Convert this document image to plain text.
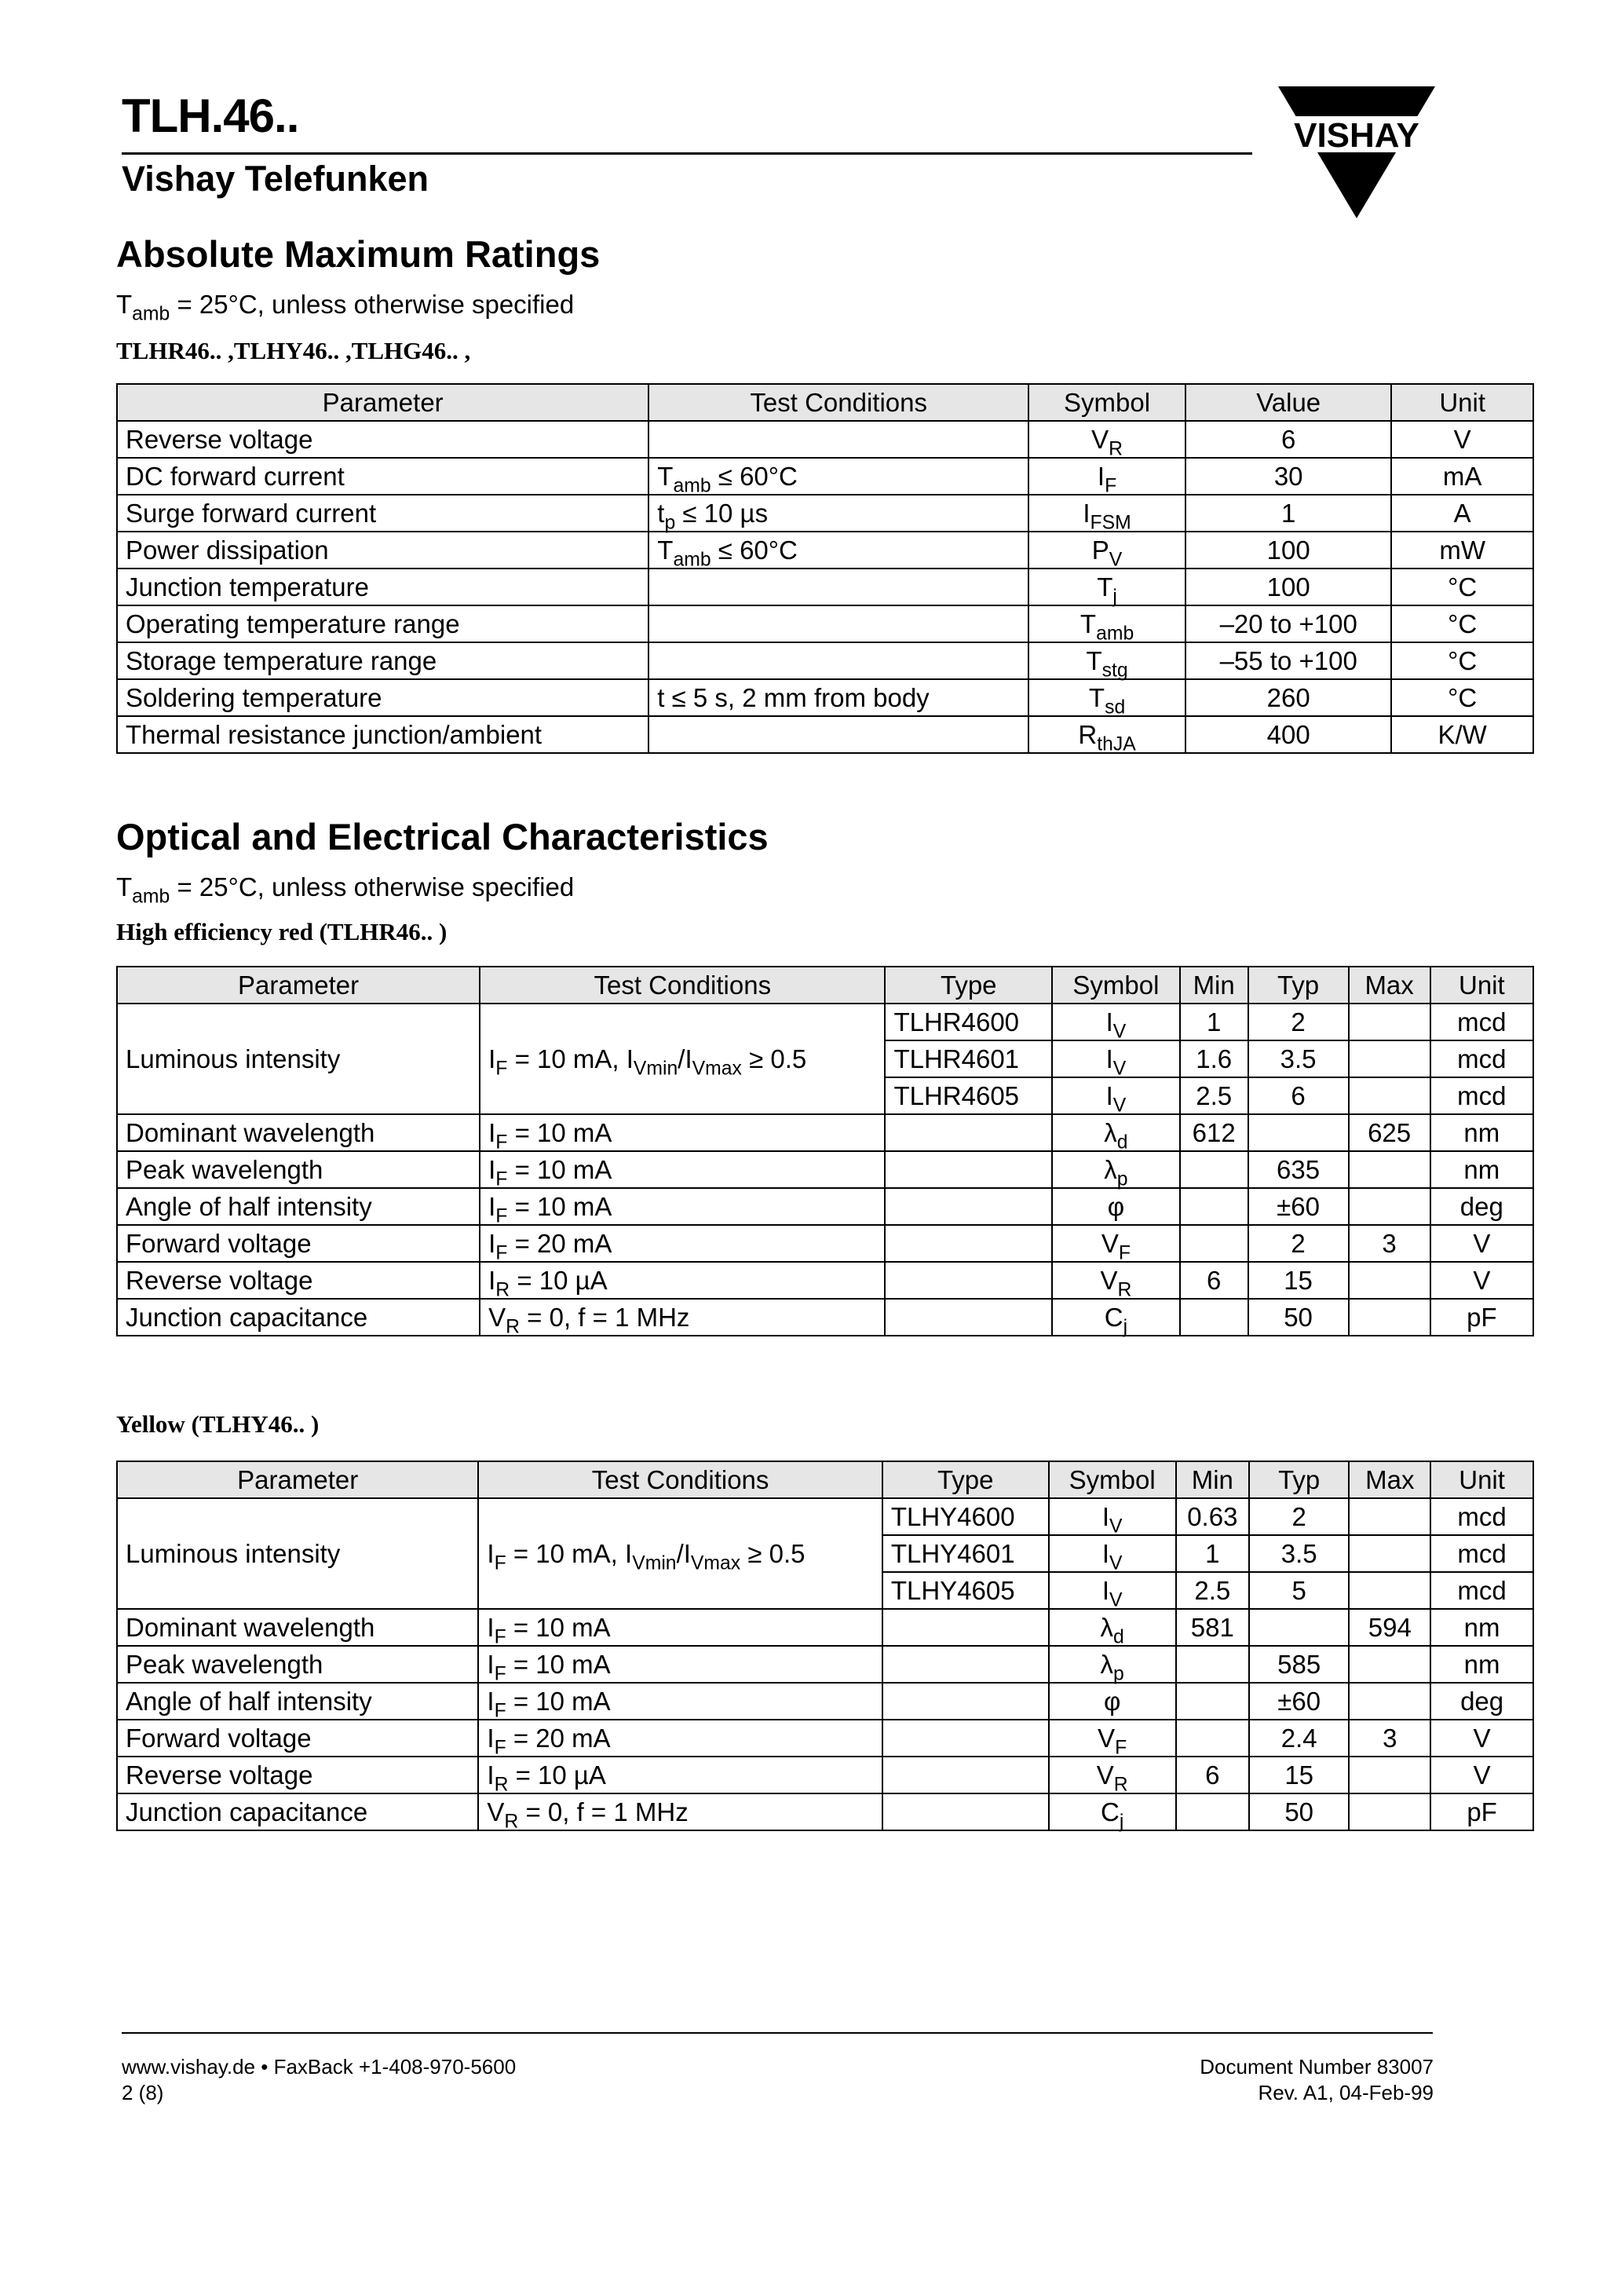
TLH.46..
Vishay Telefunken
VISHAY
Absolute Maximum Ratings
$T_{amb} = 25^\circ C$, unless otherwise specified
TLHR46.. ,TLHY46.. ,TLHG46.. ,
Parameter	Test Conditions	Symbol	Value	Unit
Reverse voltage		$V_R$	6	V
DC forward current	$T_{amb} \le 60^\circ C$	$I_F$	30	mA
Surge forward current	$t_p \le 10$ µs	$I_{FSM}$	1	A
Power dissipation	$T_{amb} \le 60^\circ C$	$P_V$	100	mW
Junction temperature		$T_j$	100	°C
Operating temperature range		$T_{amb}$	–20 to +100	°C
Storage temperature range		$T_{stg}$	–55 to +100	°C
Soldering temperature	t ≤ 5 s, 2 mm from body	$T_{sd}$	260	°C
Thermal resistance junction/ambient		$R_{thJA}$	400	K/W
Optical and Electrical Characteristics
$T_{amb} = 25^\circ C$, unless otherwise specified
High efficiency red (TLHR46.. )
Parameter	Test Conditions	Type	Symbol	Min	Typ	Max	Unit
Luminous intensity	$I_F = 10$ mA, $I_{Vmin}/I_{Vmax} \ge 0.5$	TLHR4600	$I_V$	1	2		mcd
		TLHR4601	$I_V$	1.6	3.5		mcd
		TLHR4605	$I_V$	2.5	6		mcd
Dominant wavelength	$I_F = 10$ mA		$\lambda_d$	612		625	nm
Peak wavelength	$I_F = 10$ mA		$\lambda_p$		635		nm
Angle of half intensity	$I_F = 10$ mA		φ		±60		deg
Forward voltage	$I_F = 20$ mA		$V_F$		2	3	V
Reverse voltage	$I_R = 10$ µA		$V_R$	6	15		V
Junction capacitance	$V_R = 0$, f = 1 MHz		$C_j$		50		pF
Yellow (TLHY46.. )
Parameter	Test Conditions	Type	Symbol	Min	Typ	Max	Unit
Luminous intensity	$I_F = 10$ mA, $I_{Vmin}/I_{Vmax} \ge 0.5$	TLHY4600	$I_V$	0.63	2		mcd
		TLHY4601	$I_V$	1	3.5		mcd
		TLHY4605	$I_V$	2.5	5		mcd
Dominant wavelength	$I_F = 10$ mA		$\lambda_d$	581		594	nm
Peak wavelength	$I_F = 10$ mA		$\lambda_p$		585		nm
Angle of half intensity	$I_F = 10$ mA		φ		±60		deg
Forward voltage	$I_F = 20$ mA		$V_F$		2.4	3	V
Reverse voltage	$I_R = 10$ µA		$V_R$	6	15		V
Junction capacitance	$V_R = 0$, f = 1 MHz		$C_j$		50		pF
www.vishay.de • FaxBack +1-408-970-5600
2 (8)
Document Number 83007
Rev. A1, 04-Feb-99
